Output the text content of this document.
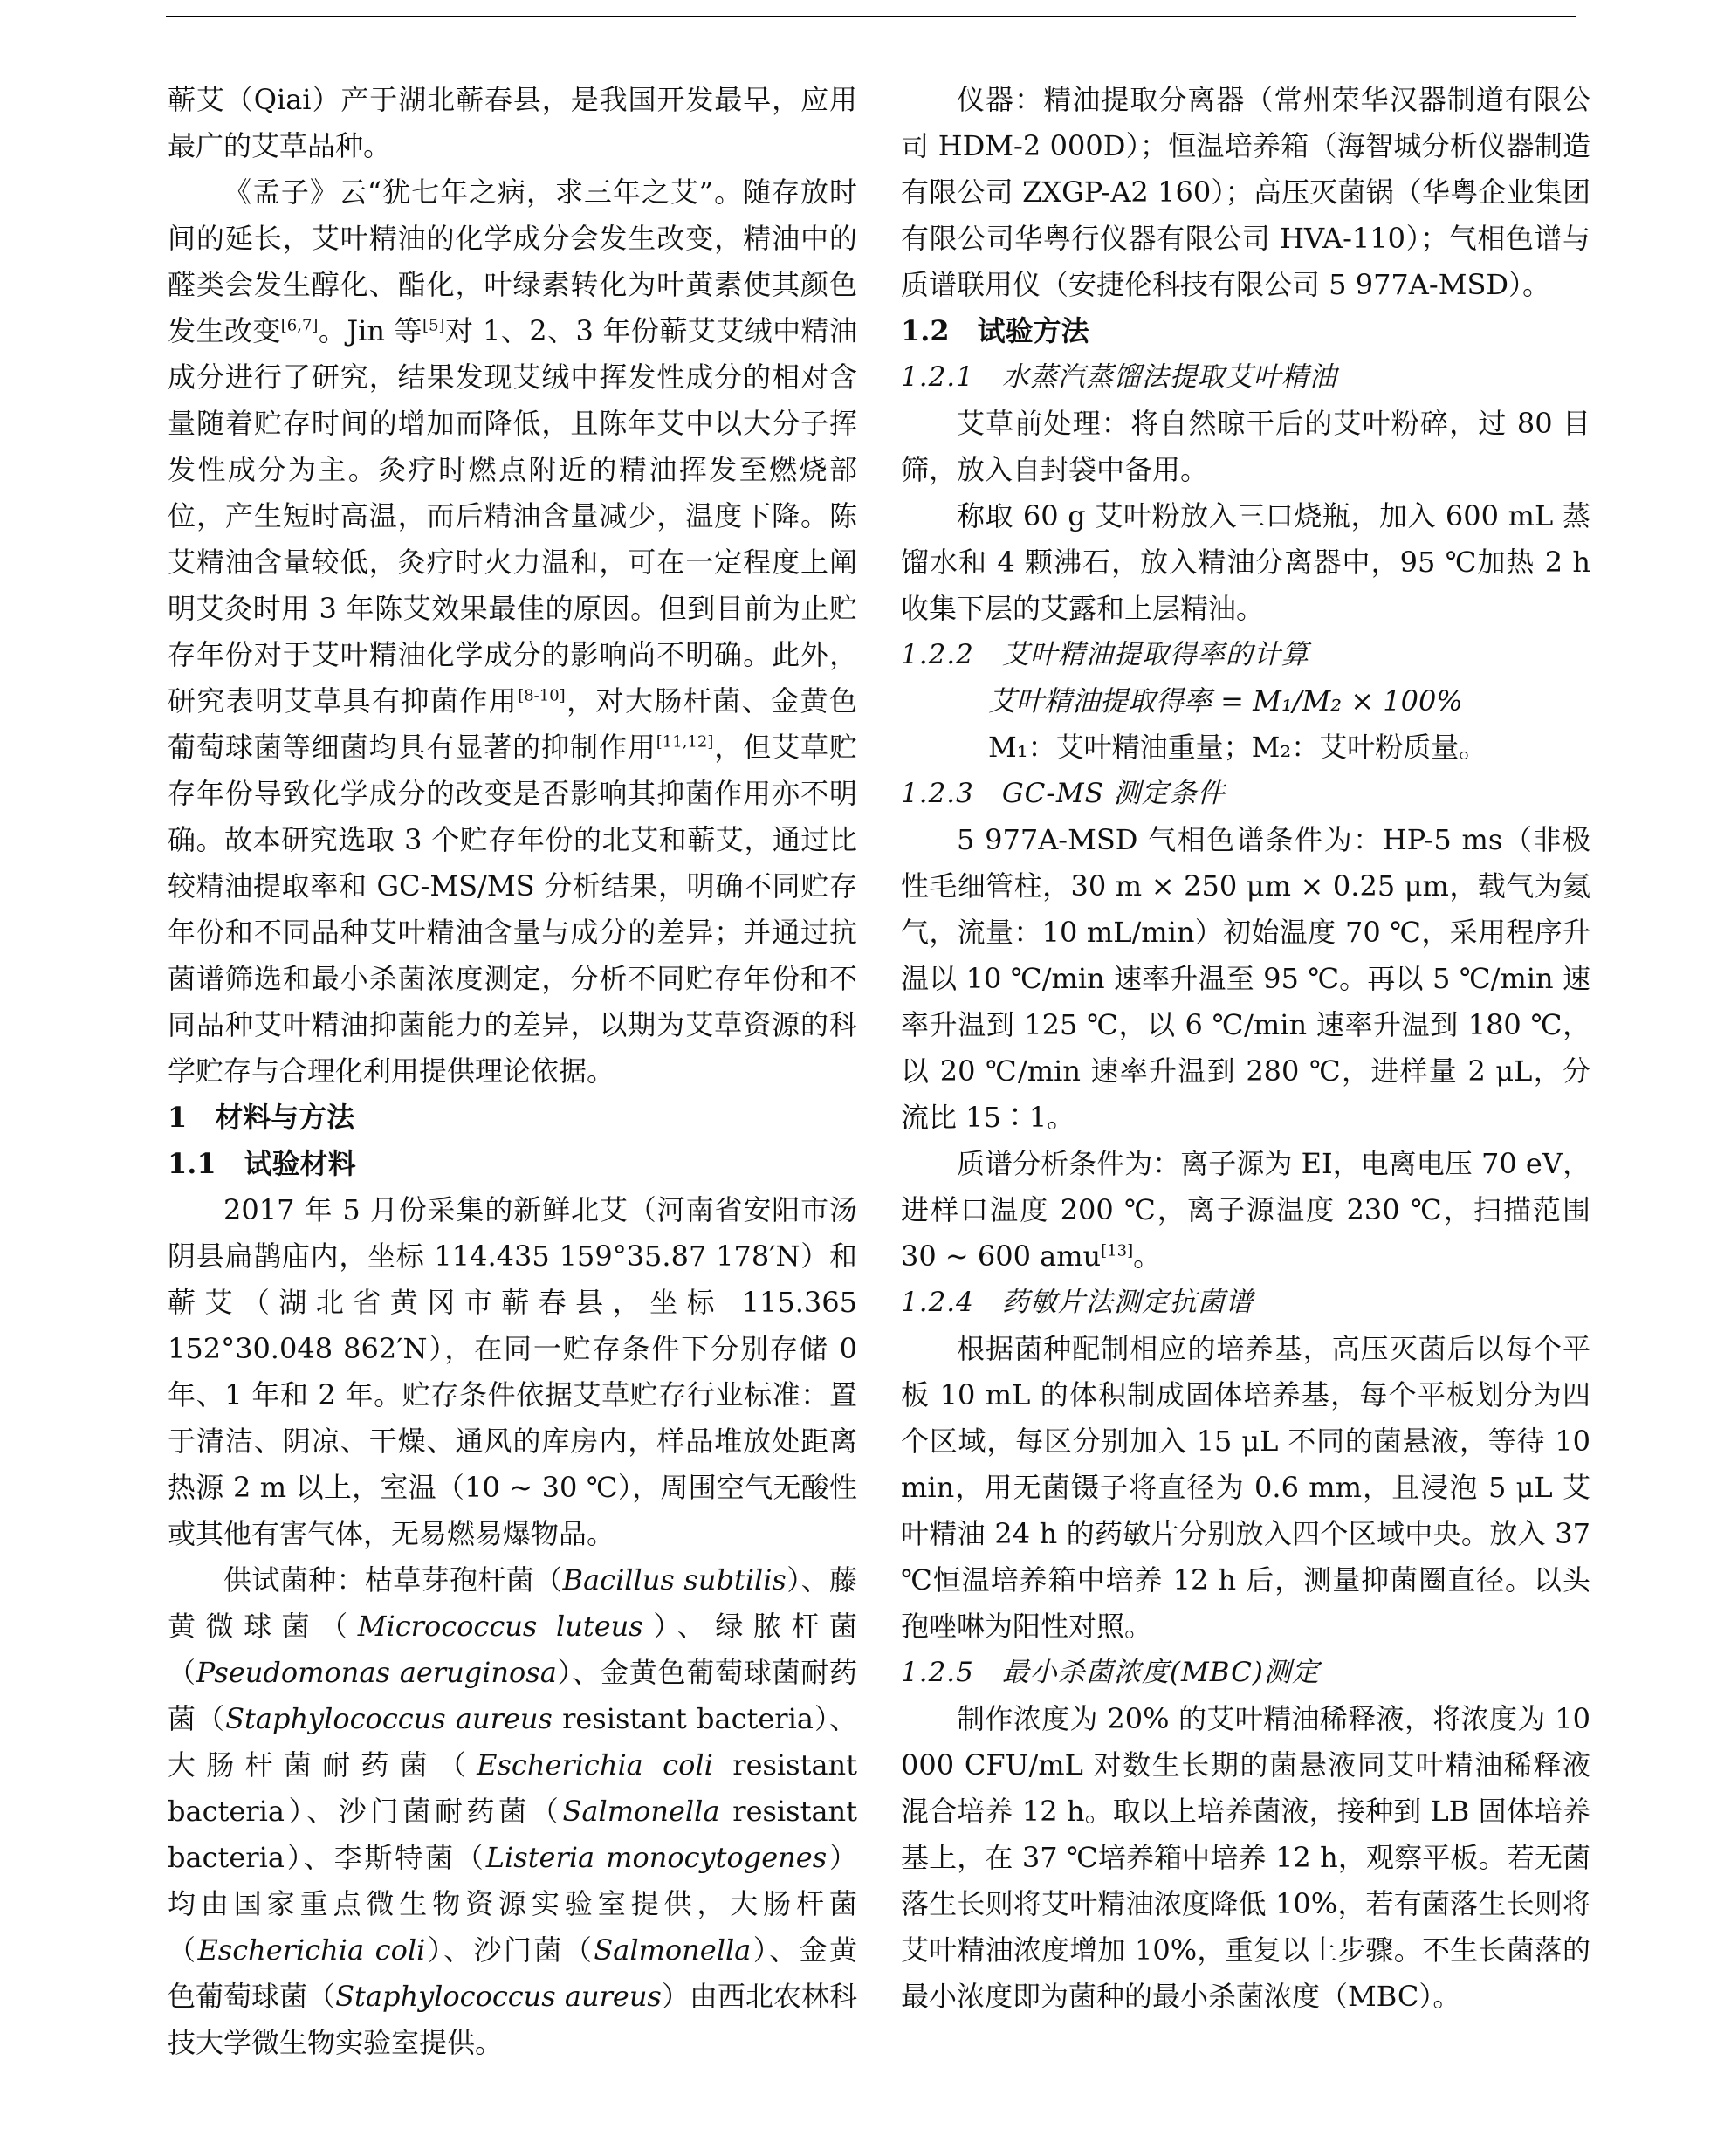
蕲艾（Qiai）产于湖北蕲春县，是我国开发最早，应用最广的艾草品种。

《孟子》云“犹七年之病，求三年之艾”。随存放时间的延长，艾叶精油的化学成分会发生改变，精油中的醛类会发生醇化、酯化，叶绿素转化为叶黄素使其颜色发生改变[6,7]。Jin 等[5]对 1、2、3 年份蕲艾艾绒中精油成分进行了研究，结果发现艾绒中挥发性成分的相对含量随着贮存时间的增加而降低，且陈年艾中以大分子挥发性成分为主。灸疗时燃点附近的精油挥发至燃烧部位，产生短时高温，而后精油含量减少，温度下降。陈艾精油含量较低，灸疗时火力温和，可在一定程度上阐明艾灸时用 3 年陈艾效果最佳的原因。但到目前为止贮存年份对于艾叶精油化学成分的影响尚不明确。此外，研究表明艾草具有抑菌作用[8-10]，对大肠杆菌、金黄色葡萄球菌等细菌均具有显著的抑制作用[11,12]，但艾草贮存年份导致化学成分的改变是否影响其抑菌作用亦不明确。故本研究选取 3 个贮存年份的北艾和蕲艾，通过比较精油提取率和 GC-MS/MS 分析结果，明确不同贮存年份和不同品种艾叶精油含量与成分的差异；并通过抗菌谱筛选和最小杀菌浓度测定，分析不同贮存年份和不同品种艾叶精油抑菌能力的差异，以期为艾草资源的科学贮存与合理化利用提供理论依据。

1　材料与方法
1.1　试验材料

2017 年 5 月份采集的新鲜北艾（河南省安阳市汤阴县扁鹊庙内，坐标 114.435 159°35.87 178′N）和蕲艾（湖北省黄冈市蕲春县，坐标 115.365 152°30.048 862′N），在同一贮存条件下分别存储 0 年、1 年和 2 年。贮存条件依据艾草贮存行业标准：置于清洁、阴凉、干燥、通风的库房内，样品堆放处距离热源 2 m 以上，室温（10 ~ 30 ℃），周围空气无酸性或其他有害气体，无易燃易爆物品。

供试菌种：枯草芽孢杆菌（Bacillus subtilis）、藤黄微球菌（Micrococcus luteus）、绿脓杆菌（Pseudomonas aeruginosa）、金黄色葡萄球菌耐药菌（Staphylococcus aureus resistant bacteria）、大肠杆菌耐药菌（Escherichia coli resistant bacteria）、沙门菌耐药菌（Salmonella resistant bacteria）、李斯特菌（Listeria monocytogenes）均由国家重点微生物资源实验室提供，大肠杆菌（Escherichia coli）、沙门菌（Salmonella）、金黄色葡萄球菌（Staphylococcus aureus）由西北农林科技大学微生物实验室提供。

仪器：精油提取分离器（常州荣华汉器制道有限公司 HDM-2 000D）；恒温培养箱（海智城分析仪器制造有限公司 ZXGP-A2 160）；高压灭菌锅（华粤企业集团有限公司华粤行仪器有限公司 HVA-110）；气相色谱与质谱联用仪（安捷伦科技有限公司 5 977A-MSD）。

1.2　试验方法
1.2.1　水蒸汽蒸馏法提取艾叶精油

艾草前处理：将自然晾干后的艾叶粉碎，过 80 目筛，放入自封袋中备用。

称取 60 g 艾叶粉放入三口烧瓶，加入 600 mL 蒸馏水和 4 颗沸石，放入精油分离器中，95 ℃加热 2 h 收集下层的艾露和上层精油。

1.2.2　艾叶精油提取得率的计算

艾叶精油提取得率 = M₁/M₂ × 100%

M₁：艾叶精油重量；M₂：艾叶粉质量。

1.2.3　GC-MS 测定条件

5 977A-MSD 气相色谱条件为：HP-5 ms（非极性毛细管柱，30 m × 250 μm × 0.25 μm，载气为氦气，流量：10 mL/min）初始温度 70 ℃，采用程序升温以 10 ℃/min 速率升温至 95 ℃。再以 5 ℃/min 速率升温到 125 ℃，以 6 ℃/min 速率升温到 180 ℃，以 20 ℃/min 速率升温到 280 ℃，进样量 2 μL，分流比 15∶1。

质谱分析条件为：离子源为 EI，电离电压 70 eV，进样口温度 200 ℃，离子源温度 230 ℃，扫描范围 30 ~ 600 amu[13]。

1.2.4　药敏片法测定抗菌谱

根据菌种配制相应的培养基，高压灭菌后以每个平板 10 mL 的体积制成固体培养基，每个平板划分为四个区域，每区分别加入 15 μL 不同的菌悬液，等待 10 min，用无菌镊子将直径为 0.6 mm，且浸泡 5 μL 艾叶精油 24 h 的药敏片分别放入四个区域中央。放入 37 ℃恒温培养箱中培养 12 h 后，测量抑菌圈直径。以头孢唑啉为阳性对照。

1.2.5　最小杀菌浓度(MBC)测定

制作浓度为 20% 的艾叶精油稀释液，将浓度为 10 000 CFU/mL 对数生长期的菌悬液同艾叶精油稀释液混合培养 12 h。取以上培养菌液，接种到 LB 固体培养基上，在 37 ℃培养箱中培养 12 h，观察平板。若无菌落生长则将艾叶精油浓度降低 10%，若有菌落生长则将艾叶精油浓度增加 10%，重复以上步骤。不生长菌落的最小浓度即为菌种的最小杀菌浓度（MBC）。
